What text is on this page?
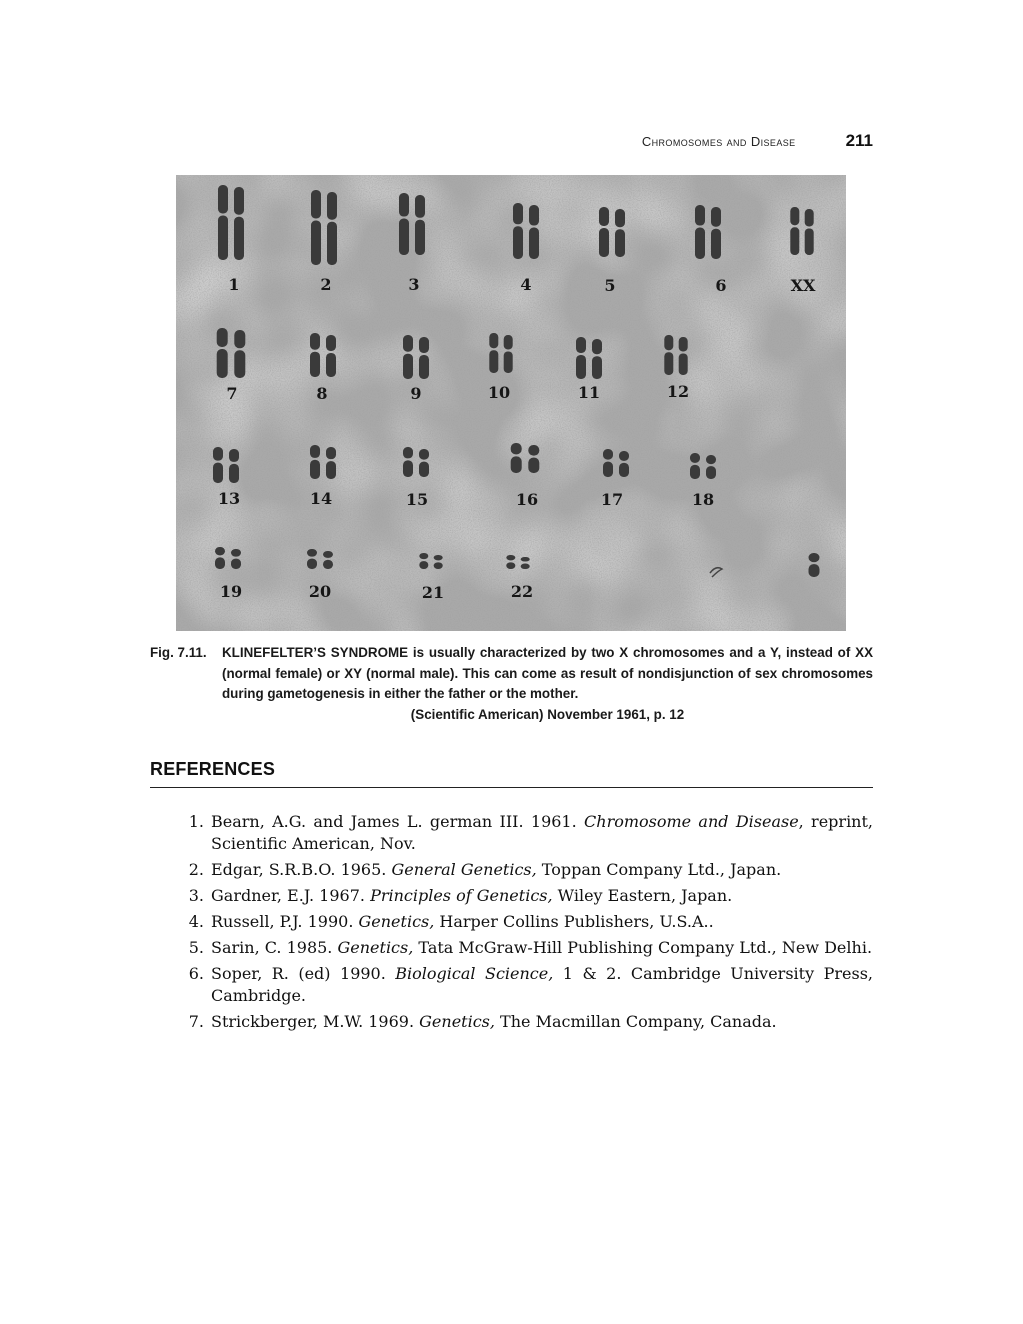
Chromosomes and Disease	211
1	2	3	4	5	6	XX
7	8	9	10	11	12
13	14	15	16	17	18
19	20	21	22
Fig. 7.11.	KLINEFELTER’S SYNDROME is usually characterized by two X chromosomes and a Y, instead of XX (normal female) or XY (normal male). This can come as result of nondisjunction of sex chromosomes during gametogenesis in either the father or the mother.
(Scientific American) November 1961, p. 12
REFERENCES
1. Bearn, A.G. and James L. german III. 1961. Chromosome and Disease, reprint, Scientific American, Nov.
2. Edgar, S.R.B.O. 1965. General Genetics, Toppan Company Ltd., Japan.
3. Gardner, E.J. 1967. Principles of Genetics, Wiley Eastern, Japan.
4. Russell, P.J. 1990. Genetics, Harper Collins Publishers, U.S.A..
5. Sarin, C. 1985. Genetics, Tata McGraw-Hill Publishing Company Ltd., New Delhi.
6. Soper, R. (ed) 1990. Biological Science, 1 & 2. Cambridge University Press, Cambridge.
7. Strickberger, M.W. 1969. Genetics, The Macmillan Company, Canada.
